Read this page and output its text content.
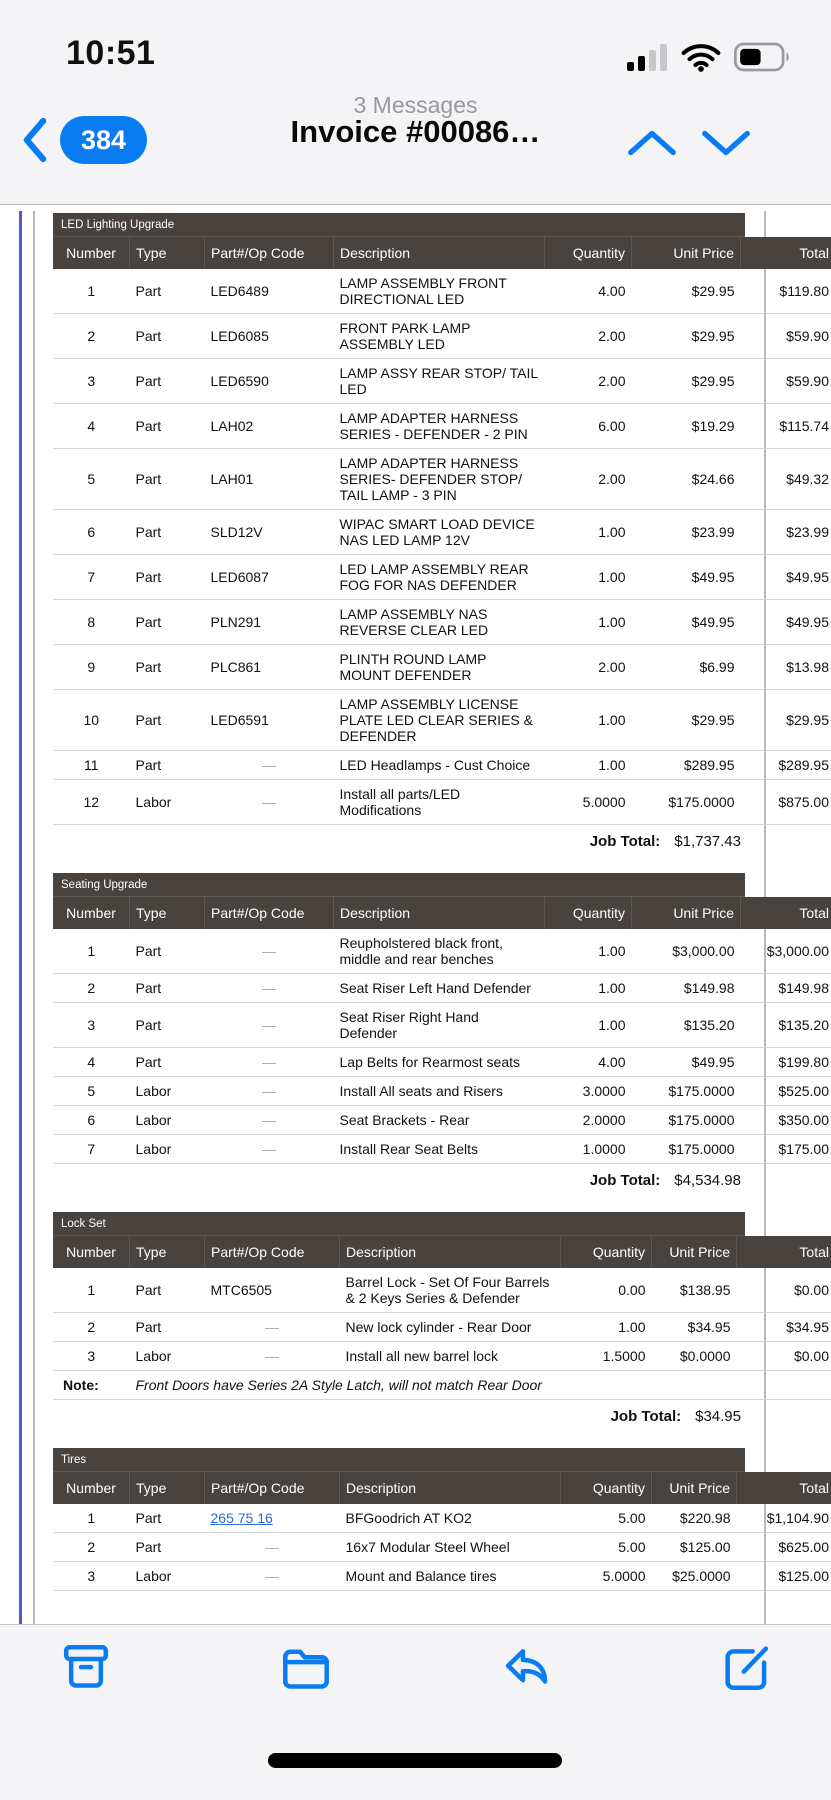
10:51
3 Messages
Invoice #00086…
384
LED Lighting Upgrade
Number	Type	Part#/Op Code	Description	Quantity	Unit Price	Total
1	Part	LED6489	LAMP ASSEMBLY FRONT DIRECTIONAL LED	4.00	$29.95	$119.80
2	Part	LED6085	FRONT PARK LAMP ASSEMBLY LED	2.00	$29.95	$59.90
3	Part	LED6590	LAMP ASSY REAR STOP/ TAIL LED	2.00	$29.95	$59.90
4	Part	LAH02	LAMP ADAPTER HARNESS SERIES - DEFENDER - 2 PIN	6.00	$19.29	$115.74
5	Part	LAH01	LAMP ADAPTER HARNESS SERIES- DEFENDER STOP/ TAIL LAMP - 3 PIN	2.00	$24.66	$49.32
6	Part	SLD12V	WIPAC SMART LOAD DEVICE NAS LED LAMP 12V	1.00	$23.99	$23.99
7	Part	LED6087	LED LAMP ASSEMBLY REAR FOG FOR NAS DEFENDER	1.00	$49.95	$49.95
8	Part	PLN291	LAMP ASSEMBLY NAS REVERSE CLEAR LED	1.00	$49.95	$49.95
9	Part	PLC861	PLINTH ROUND LAMP MOUNT DEFENDER	2.00	$6.99	$13.98
10	Part	LED6591	LAMP ASSEMBLY LICENSE PLATE LED CLEAR SERIES & DEFENDER	1.00	$29.95	$29.95
11	Part	—	LED Headlamps - Cust Choice	1.00	$289.95	$289.95
12	Labor	—	Install all parts/LED Modifications	5.0000	$175.0000	$875.00
Job Total: $1,737.43
Seating Upgrade
Number	Type	Part#/Op Code	Description	Quantity	Unit Price	Total
1	Part	—	Reupholstered black front, middle and rear benches	1.00	$3,000.00	$3,000.00
2	Part	—	Seat Riser Left Hand Defender	1.00	$149.98	$149.98
3	Part	—	Seat Riser Right Hand Defender	1.00	$135.20	$135.20
4	Part	—	Lap Belts for Rearmost seats	4.00	$49.95	$199.80
5	Labor	—	Install All seats and Risers	3.0000	$175.0000	$525.00
6	Labor	—	Seat Brackets - Rear	2.0000	$175.0000	$350.00
7	Labor	—	Install Rear Seat Belts	1.0000	$175.0000	$175.00
Job Total: $4,534.98
Lock Set
Number	Type	Part#/Op Code	Description	Quantity	Unit Price	Total
1	Part	MTC6505	Barrel Lock - Set Of Four Barrels & 2 Keys Series & Defender	0.00	$138.95	$0.00
2	Part	—	New lock cylinder - Rear Door	1.00	$34.95	$34.95
3	Labor	—	Install all new barrel lock	1.5000	$0.0000	$0.00
Note:	Front Doors have Series 2A Style Latch, will not match Rear Door					
Job Total: $34.95
Tires
Number	Type	Part#/Op Code	Description	Quantity	Unit Price	Total
1	Part	265 75 16	BFGoodrich AT KO2	5.00	$220.98	$1,104.90
2	Part	—	16x7 Modular Steel Wheel	5.00	$125.00	$625.00
3	Labor	—	Mount and Balance tires	5.0000	$25.0000	$125.00
